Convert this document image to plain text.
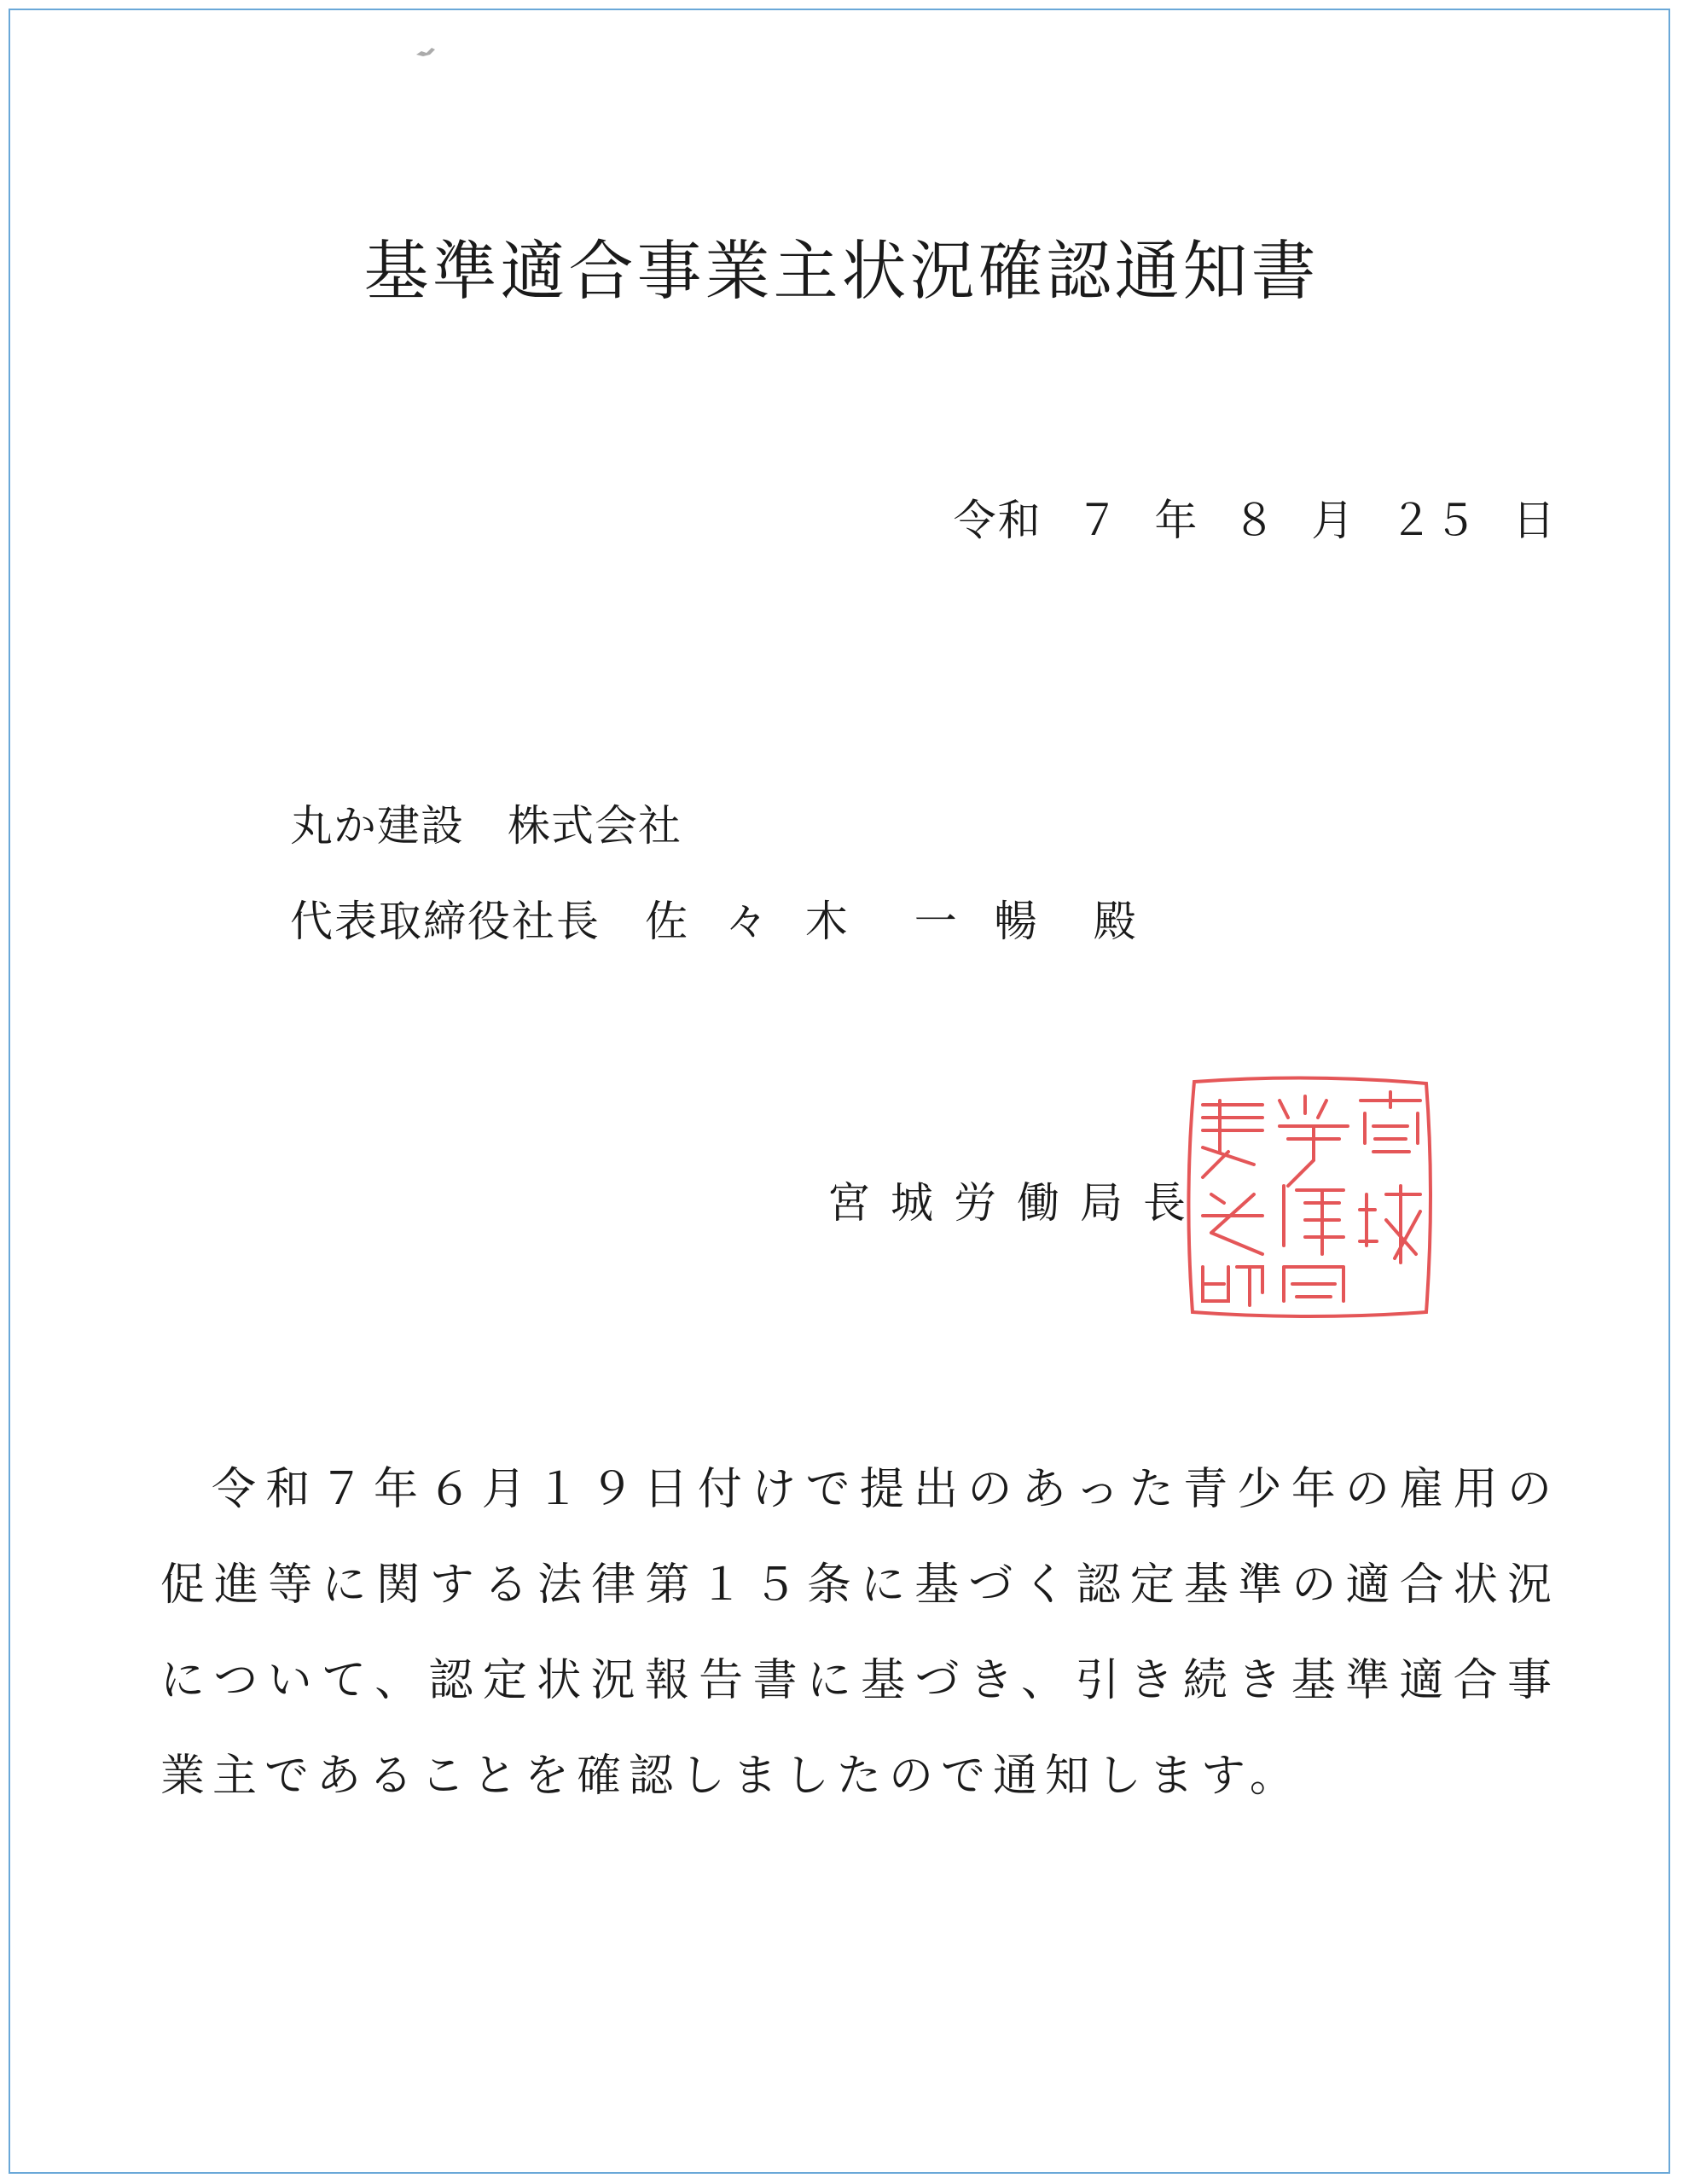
基準適合事業主状況確認通知書
令和 ７ 年 ８ 月 ２５ 日
丸か建設　株式会社
代表取締役社長　 佐 々 木　一 暢　 殿
宮城労働局長
令和７年６月１９日付けで提出のあった青少年の雇用の促進等に関する法律第１５条に基づく認定基準の適合状況について、認定状況報告書に基づき、引き続き基準適合事業主であることを確認しましたので通知します。
